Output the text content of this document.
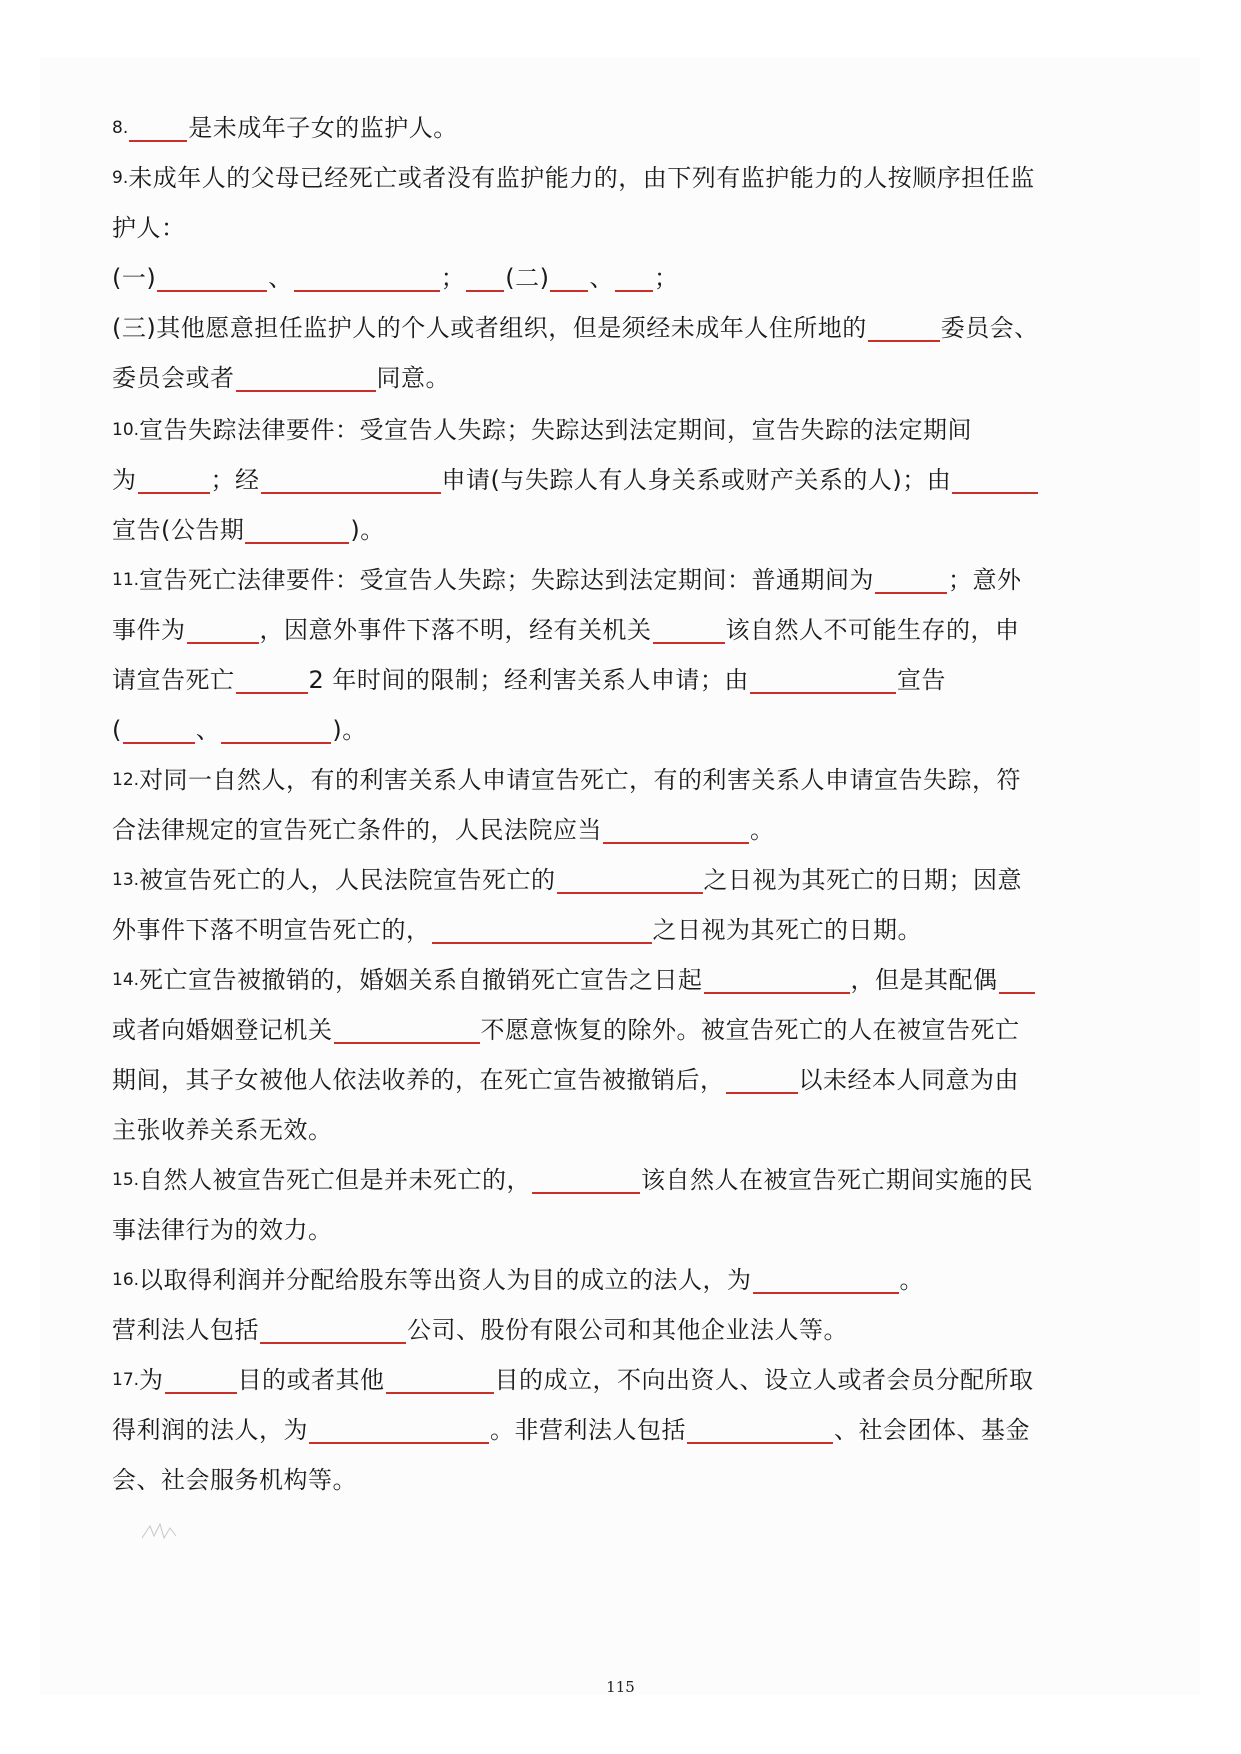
8.	是未成年子女的监护人。
9.未成年人的父母已经死亡或者没有监护能力的，由下列有监护能力的人按顺序担任监
护人：
(一)	、	； (二) 、 ；
(三)其他愿意担任监护人的个人或者组织，但是须经未成年人住所地的	委员会、
委员会或者	同意。
10.宣告失踪法律要件：受宣告人失踪；失踪达到法定期间，宣告失踪的法定期间
为	；经	申请(与失踪人有人身关系或财产关系的人)；由
宣告(公告期	)。
11.宣告死亡法律要件：受宣告人失踪；失踪达到法定期间：普通期间为	；意外
事件为	，因意外事件下落不明，经有关机关	该自然人不可能生存的，申
请宣告死亡	2 年时间的限制；经利害关系人申请；由	宣告
(	、	)。
12.对同一自然人，有的利害关系人申请宣告死亡，有的利害关系人申请宣告失踪，符
合法律规定的宣告死亡条件的，人民法院应当	。
13.被宣告死亡的人，人民法院宣告死亡的	之日视为其死亡的日期；因意
外事件下落不明宣告死亡的，	之日视为其死亡的日期。
14.死亡宣告被撤销的，婚姻关系自撤销死亡宣告之日起	，但是其配偶
或者向婚姻登记机关	不愿意恢复的除外。被宣告死亡的人在被宣告死亡
期间，其子女被他人依法收养的，在死亡宣告被撤销后，	以未经本人同意为由
主张收养关系无效。
15.自然人被宣告死亡但是并未死亡的，	该自然人在被宣告死亡期间实施的民
事法律行为的效力。
16.以取得利润并分配给股东等出资人为目的成立的法人，为	。
营利法人包括	公司、股份有限公司和其他企业法人等。
17.为	目的或者其他	目的成立，不向出资人、设立人或者会员分配所取
得利润的法人，为	。非营利法人包括	、社会团体、基金
会、社会服务机构等。
115
